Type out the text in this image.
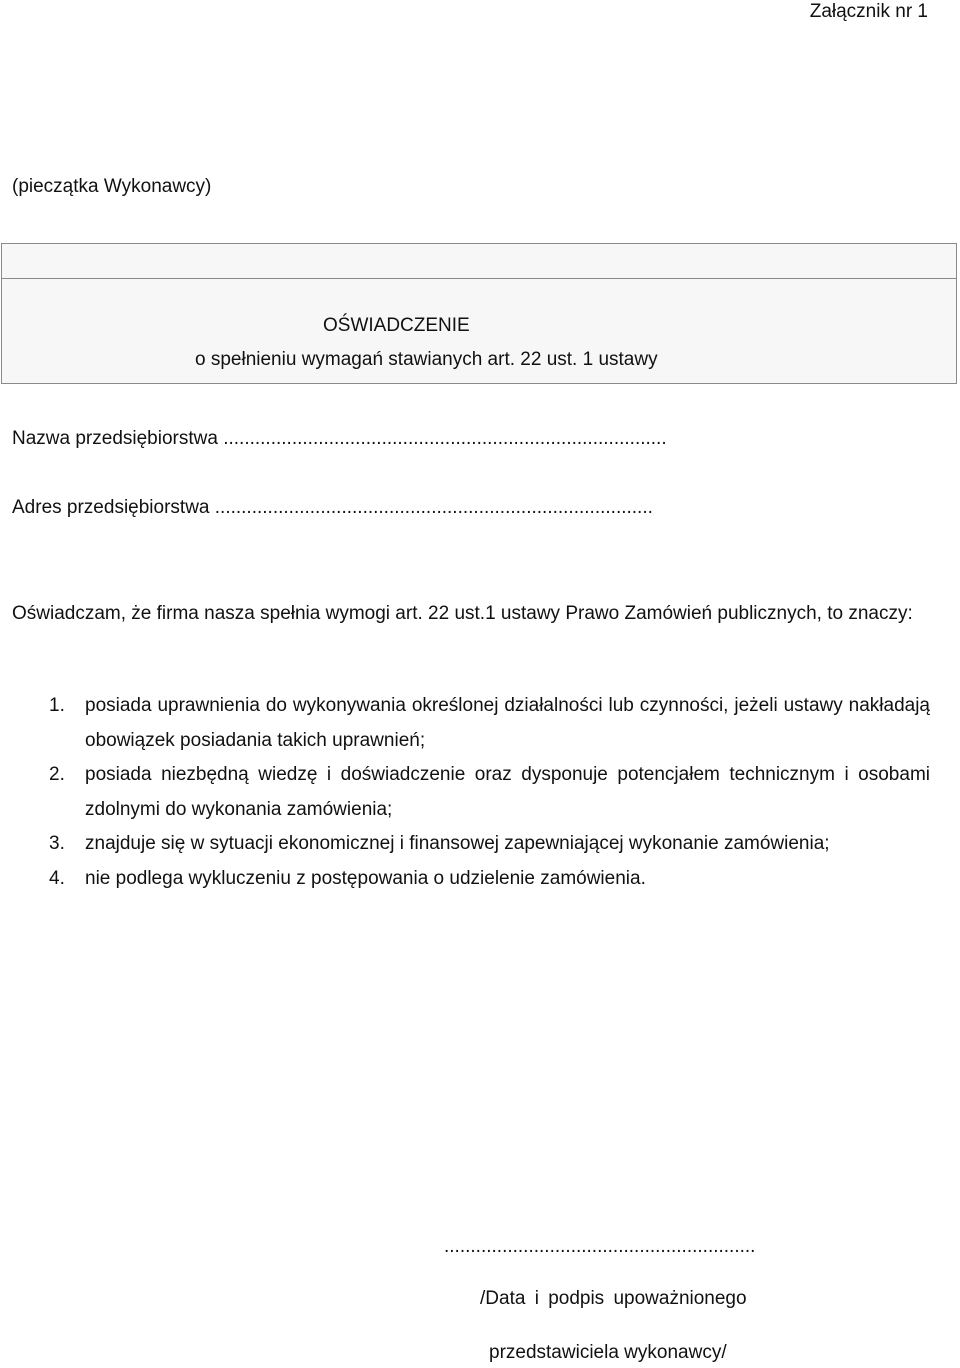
Załącznik nr 1
(pieczątka Wykonawcy)
OŚWIADCZENIE
o spełnieniu wymagań stawianych art. 22 ust. 1 ustawy
Nazwa przedsiębiorstwa ....................................................................................
Adres przedsiębiorstwa ...................................................................................
Oświadczam, że firma nasza spełnia wymogi art. 22 ust.1 ustawy Prawo Zamówień publicznych, to znaczy:
1. posiada uprawnienia do wykonywania określonej działalności lub czynności, jeżeli ustawy nakładają obowiązek posiadania takich uprawnień;
2. posiada niezbędną wiedzę i doświadczenie oraz dysponuje potencjałem technicznym i osobami zdolnymi do wykonania zamówienia;
3. znajduje się w sytuacji ekonomicznej i finansowej zapewniającej wykonanie zamówienia;
4. nie podlega wykluczeniu z postępowania o udzielenie zamówienia.
...........................................................
/Data i podpis upoważnionego
przedstawiciela wykonawcy/
